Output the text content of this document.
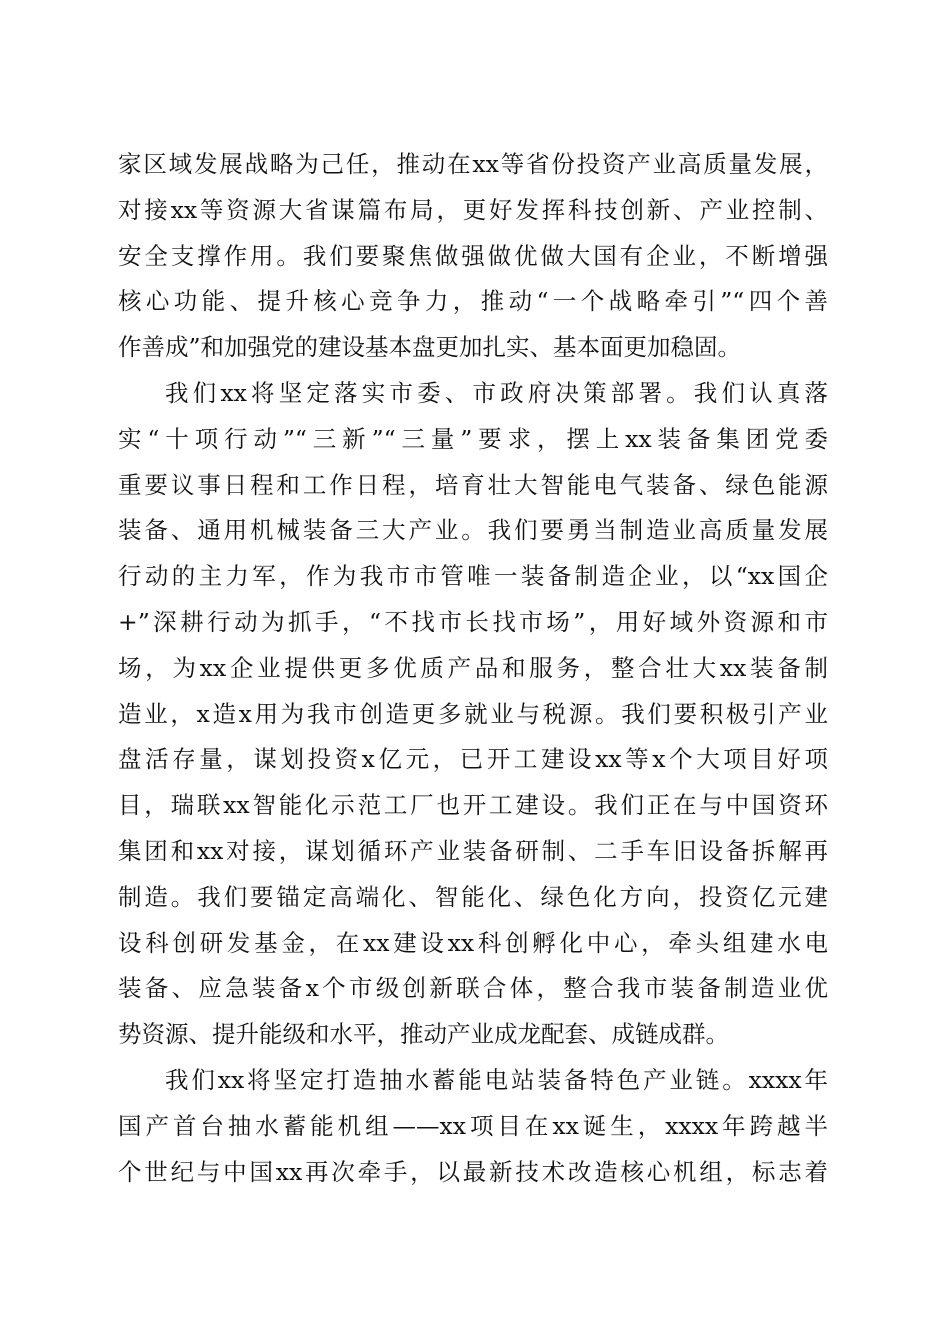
家区域发展战略为己任，推动在xx等省份投资产业高质量发展，
对接xx等资源大省谋篇布局，更好发挥科技创新、产业控制、
安全支撑作用。我们要聚焦做强做优做大国有企业，不断增强
核心功能、提升核心竞争力，推动“一个战略牵引”“四个善
作善成”和加强党的建设基本盘更加扎实、基本面更加稳固。
我们xx将坚定落实市委、市政府决策部署。我们认真落
实“十项行动”“三新”“三量”要求，摆上xx装备集团党委
重要议事日程和工作日程，培育壮大智能电气装备、绿色能源
装备、通用机械装备三大产业。我们要勇当制造业高质量发展
行动的主力军，作为我市市管唯一装备制造企业，以“xx国企
+”深耕行动为抓手，“不找市长找市场”，用好域外资源和市
场，为xx企业提供更多优质产品和服务，整合壮大xx装备制
造业，x造x用为我市创造更多就业与税源。我们要积极引产业
盘活存量，谋划投资x亿元，已开工建设xx等x个大项目好项
目，瑞联xx智能化示范工厂也开工建设。我们正在与中国资环
集团和xx对接，谋划循环产业装备研制、二手车旧设备拆解再
制造。我们要锚定高端化、智能化、绿色化方向，投资亿元建
设科创研发基金，在xx建设xx科创孵化中心，牵头组建水电
装备、应急装备x个市级创新联合体，整合我市装备制造业优
势资源、提升能级和水平，推动产业成龙配套、成链成群。
我们xx将坚定打造抽水蓄能电站装备特色产业链。xxxx年
国产首台抽水蓄能机组——xx项目在xx诞生，xxxx年跨越半
个世纪与中国xx再次牵手，以最新技术改造核心机组，标志着
